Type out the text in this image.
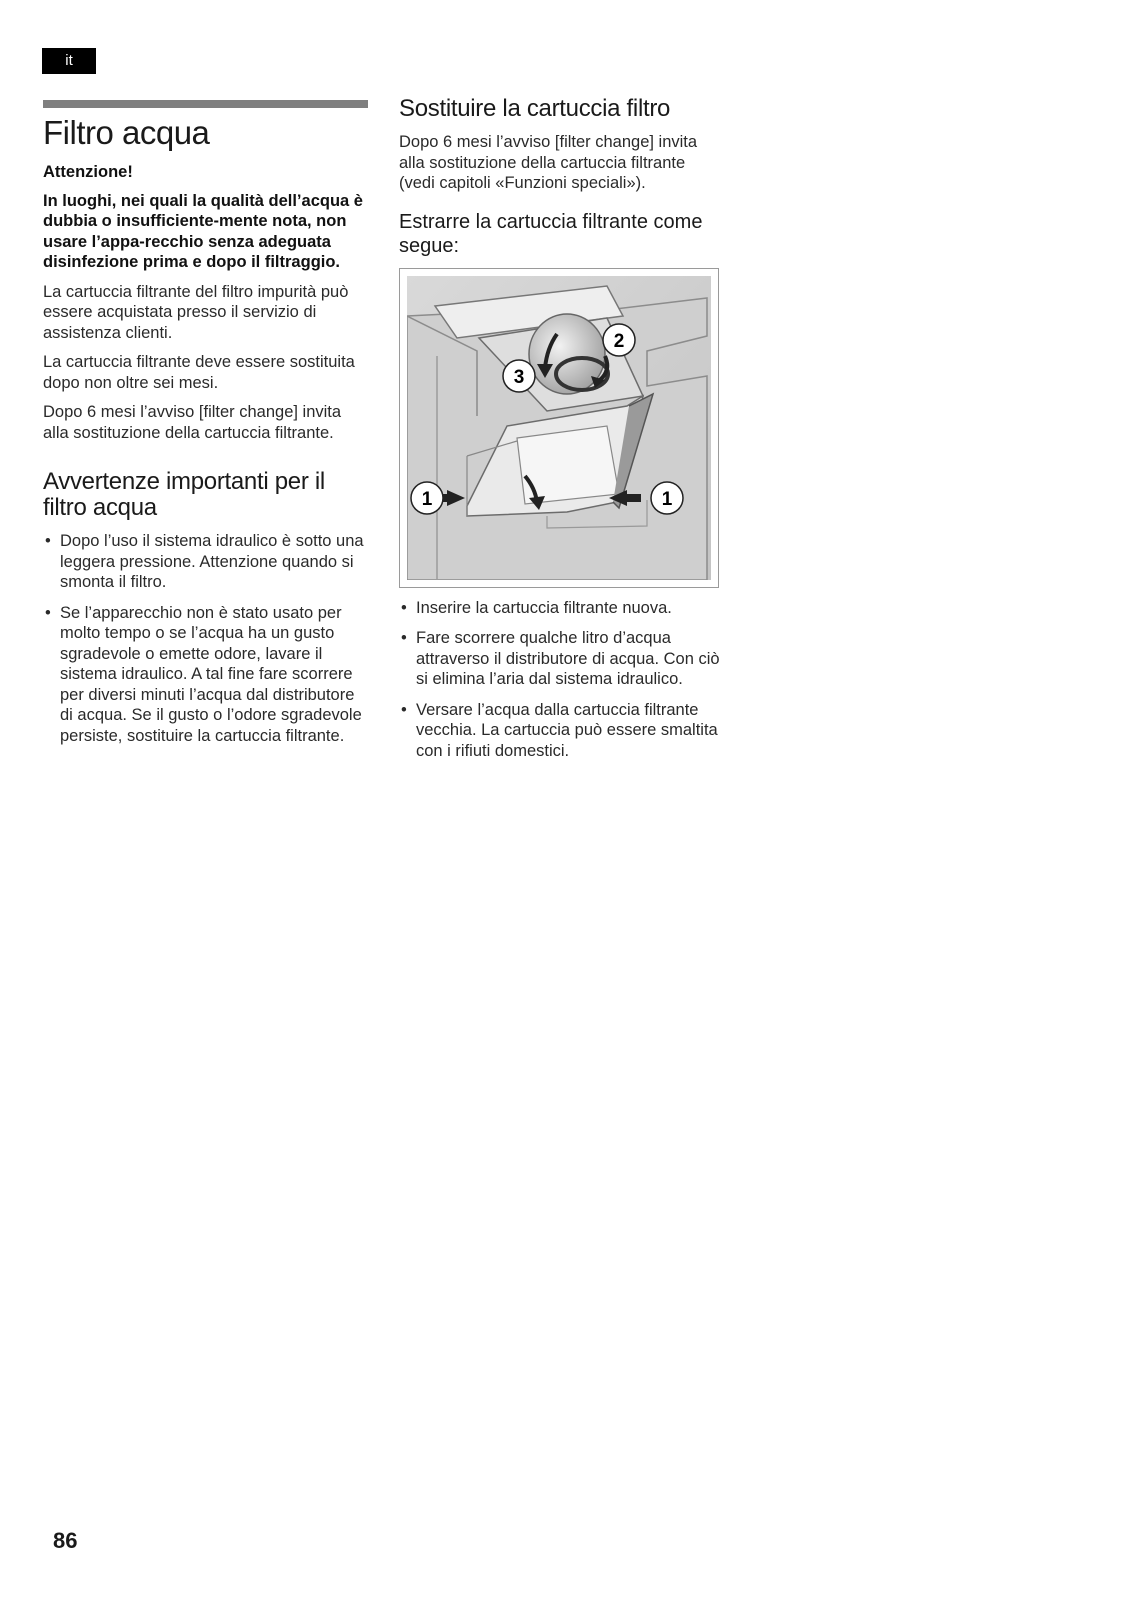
it
Filtro acqua

Attenzione!

In luoghi, nei quali la qualità dell’acqua è dubbia o insufficiente-mente nota, non usare l’appa-recchio senza adeguata disinfezione prima e dopo il filtraggio.

La cartuccia filtrante del filtro impurità può essere acquistata presso il servizio di assistenza clienti.

La cartuccia filtrante deve essere sostituita dopo non oltre sei mesi.

Dopo 6 mesi l’avviso [filter change] invita alla sostituzione della cartuccia filtrante.

Avvertenze importanti per il filtro acqua
• Dopo l’uso il sistema idraulico è sotto una leggera pressione. Attenzione quando si smonta il filtro.
• Se l’apparecchio non è stato usato per molto tempo o se l’acqua ha un gusto sgradevole o emette odore, lavare il sistema idraulico. A tal fine fare scorrere per diversi minuti l’acqua dal distributore di acqua. Se il gusto o l’odore sgradevole persiste, sostituire la cartuccia filtrante.
Sostituire la cartuccia filtro

Dopo 6 mesi l’avviso [filter change] invita alla sostituzione della cartuccia filtrante (vedi capitoli «Funzioni speciali»).

Estrarre la cartuccia filtrante come segue:
1	1
2
3
• Inserire la cartuccia filtrante nuova.
• Fare scorrere qualche litro d’acqua attraverso il distributore di acqua. Con ciò si elimina l’aria dal sistema idraulico.
• Versare l’acqua dalla cartuccia filtrante vecchia. La cartuccia può essere smaltita con i rifiuti domestici.
86
